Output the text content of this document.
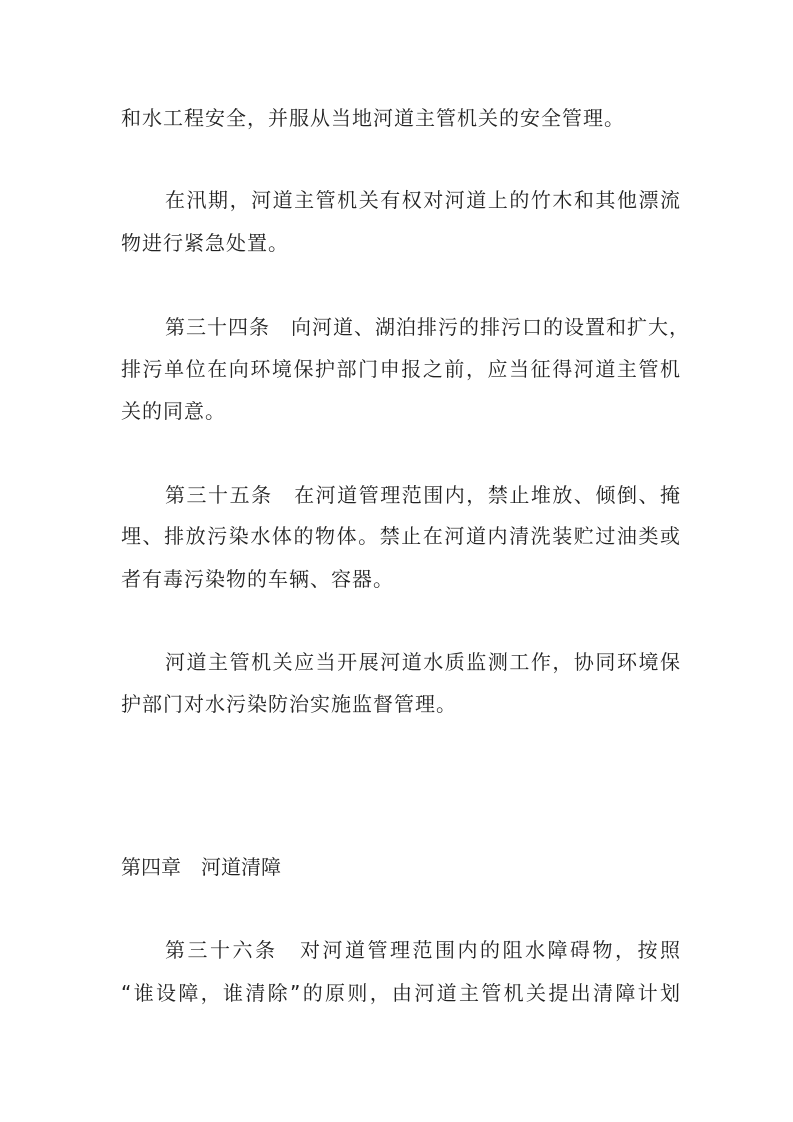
和水工程安全，并服从当地河道主管机关的安全管理。
在汛期，河道主管机关有权对河道上的竹木和其他漂流
物进行紧急处置。
第三十四条　向河道、湖泊排污的排污口的设置和扩大，
排污单位在向环境保护部门申报之前，应当征得河道主管机
关的同意。
第三十五条　在河道管理范围内，禁止堆放、倾倒、掩
埋、排放污染水体的物体。禁止在河道内清洗装贮过油类或
者有毒污染物的车辆、容器。
河道主管机关应当开展河道水质监测工作，协同环境保
护部门对水污染防治实施监督管理。
第四章　河道清障
第三十六条　对河道管理范围内的阻水障碍物，按照
“谁设障，谁清除”的原则，由河道主管机关提出清障计划
